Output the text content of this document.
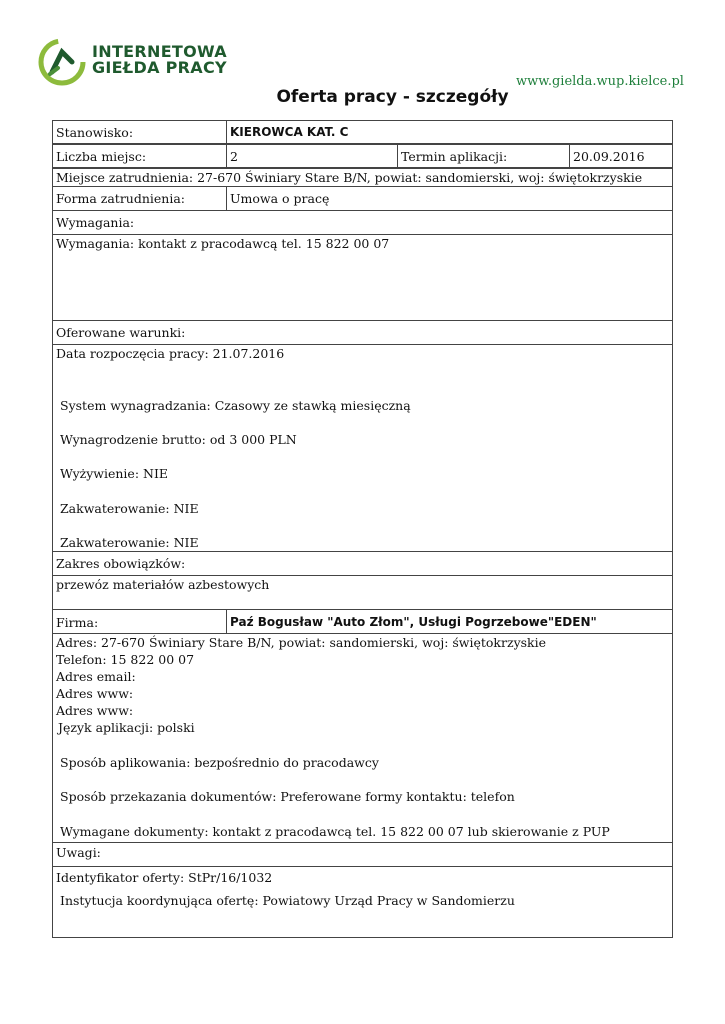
INTERNETOWA
GIEŁDA PRACY
www.gielda.wup.kielce.pl
Oferta pracy - szczegóły
Stanowisko:	KIEROWCA KAT. C
Liczba miejsc:	2	Termin aplikacji:	20.09.2016
Miejsce zatrudnienia: 27-670 Świniary Stare B/N, powiat: sandomierski, woj: świętokrzyskie
Forma zatrudnienia:	Umowa o pracę
Wymagania:
Wymagania: kontakt z pracodawcą tel. 15 822 00 07
Oferowane warunki:
Data rozpoczęcia pracy: 21.07.2016
System wynagradzania: Czasowy ze stawką miesięczną
Wynagrodzenie brutto: od 3 000 PLN
Wyżywienie: NIE
Zakwaterowanie: NIE
Zakwaterowanie: NIE
Zakres obowiązków:
przewóz materiałów azbestowych
Firma:	Paź Bogusław "Auto Złom", Usługi Pogrzebowe"EDEN"
Adres: 27-670 Świniary Stare B/N, powiat: sandomierski, woj: świętokrzyskie
Telefon: 15 822 00 07
Adres email:
Adres www:
Adres www:
Język aplikacji: polski
Sposób aplikowania: bezpośrednio do pracodawcy
Sposób przekazania dokumentów: Preferowane formy kontaktu: telefon
Wymagane dokumenty: kontakt z pracodawcą tel. 15 822 00 07 lub skierowanie z PUP
Uwagi:
Identyfikator oferty: StPr/16/1032
Instytucja koordynująca ofertę: Powiatowy Urząd Pracy w Sandomierzu
